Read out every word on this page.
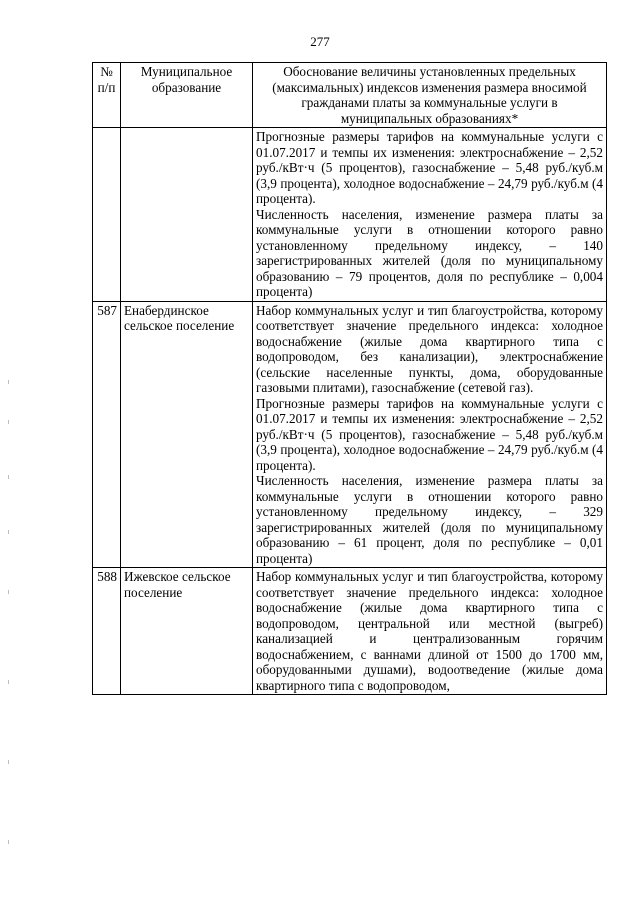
277
№ п/п	Муниципальное образование	Обоснование величины установленных предельных (максимальных) индексов изменения размера вносимой гражданами платы за коммунальные услуги в муниципальных образованиях*

		Прогнозные размеры тарифов на коммунальные услуги с 01.07.2017 и темпы их изменения: электроснабжение – 2,52 руб./кВт·ч (5 процентов), газоснабжение – 5,48 руб./куб.м (3,9 процента), холодное водоснабжение – 24,79 руб./куб.м (4 процента).
Численность населения, изменение размера платы за коммунальные услуги в отношении которого равно установленному предельному индексу, – 140 зарегистрированных жителей (доля по муниципальному образованию – 79 процентов, доля по республике – 0,004 процента)

587	Енабердинское сельское поселение	Набор коммунальных услуг и тип благоустройства, которому соответствует значение предельного индекса: холодное водоснабжение (жилые дома квартирного типа с водопроводом, без канализации), электроснабжение (сельские населенные пункты, дома, оборудованные газовыми плитами), газоснабжение (сетевой газ).
Прогнозные размеры тарифов на коммунальные услуги с 01.07.2017 и темпы их изменения: электроснабжение – 2,52 руб./кВт·ч (5 процентов), газоснабжение – 5,48 руб./куб.м (3,9 процента), холодное водоснабжение – 24,79 руб./куб.м (4 процента).
Численность населения, изменение размера платы за коммунальные услуги в отношении которого равно установленному предельному индексу, – 329 зарегистрированных жителей (доля по муниципальному образованию – 61 процент, доля по республике – 0,01 процента)

588	Ижевское сельское поселение	Набор коммунальных услуг и тип благоустройства, которому соответствует значение предельного индекса: холодное водоснабжение (жилые дома квартирного типа с водопроводом, центральной или местной (выгреб) канализацией и централизованным горячим водоснабжением, с ваннами длиной от 1500 до 1700 мм, оборудованными душами), водоотведение (жилые дома квартирного типа с водопроводом,
